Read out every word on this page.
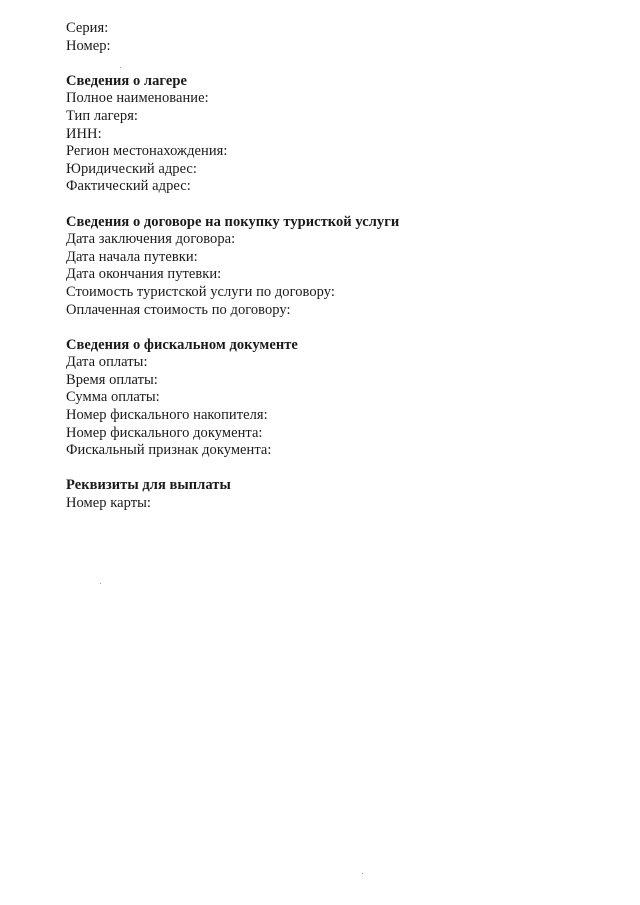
Серия:
Номер:
Сведения о лагере
Полное наименование:
Тип лагеря:
ИНН:
Регион местонахождения:
Юридический адрес:
Фактический адрес:
Сведения о договоре на покупку туристкой услуги
Дата заключения договора:
Дата начала путевки:
Дата окончания путевки:
Стоимость туристской услуги по договору:
Оплаченная стоимость по договору:
Сведения о фискальном документе
Дата оплаты:
Время оплаты:
Сумма оплаты:
Номер фискального накопителя:
Номер фискального документа:
Фискальный признак документа:
Реквизиты для выплаты
Номер карты:
